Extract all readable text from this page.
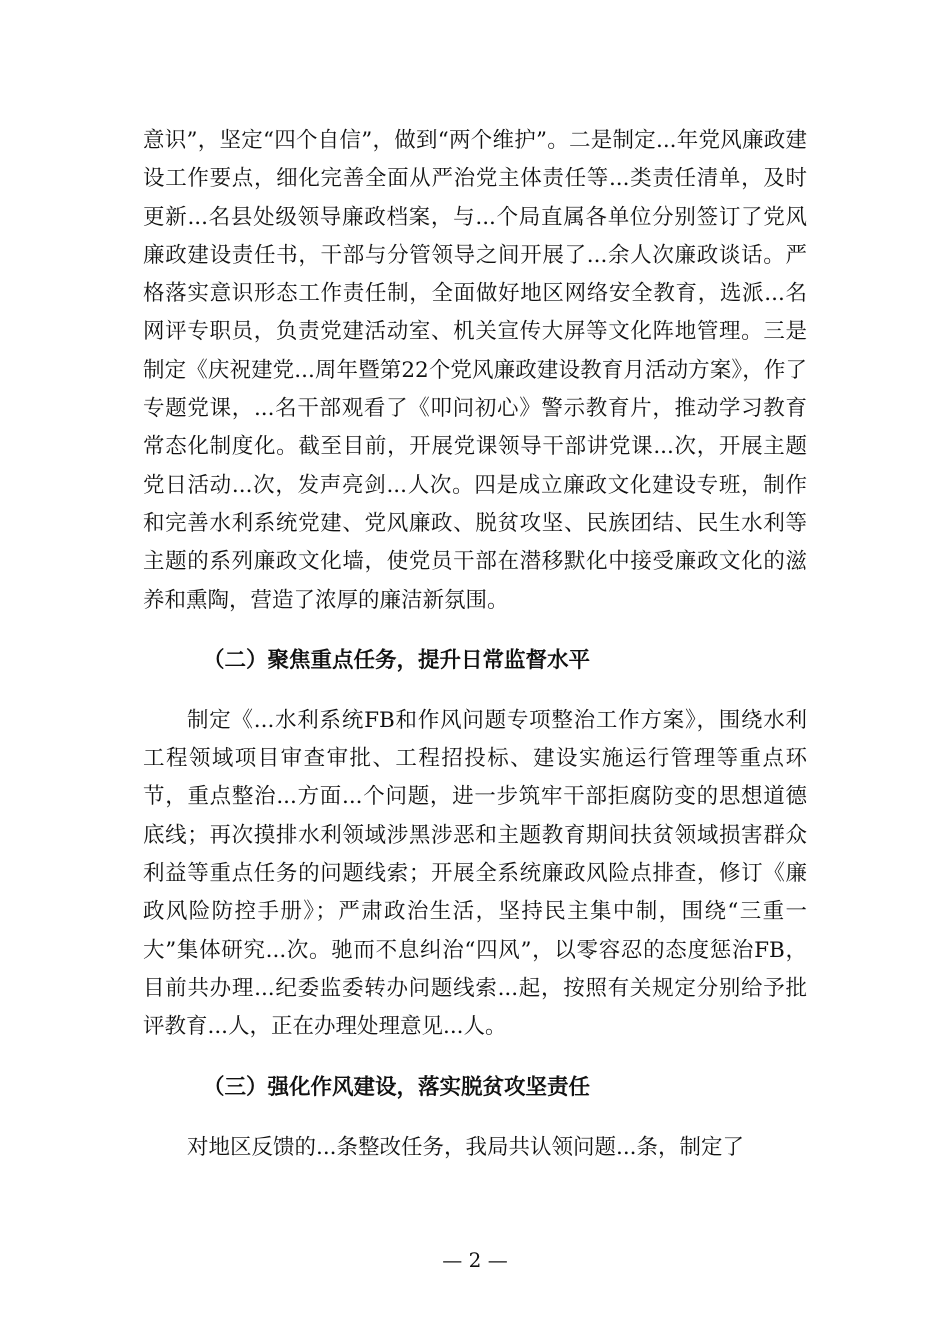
意识”，坚定“四个自信”，做到“两个维护”。二是制定...年党风廉政建设工作要点，细化完善全面从严治党主体责任等...类责任清单，及时更新...名县处级领导廉政档案，与...个局直属各单位分别签订了党风廉政建设责任书，干部与分管领导之间开展了...余人次廉政谈话。严格落实意识形态工作责任制，全面做好地区网络安全教育，选派...名网评专职员，负责党建活动室、机关宣传大屏等文化阵地管理。三是制定《庆祝建党...周年暨第22个党风廉政建设教育月活动方案》，作了专题党课，...名干部观看了《叩问初心》警示教育片，推动学习教育常态化制度化。截至目前，开展党课领导干部讲党课...次，开展主题党日活动...次，发声亮剑...人次。四是成立廉政文化建设专班，制作和完善水利系统党建、党风廉政、脱贫攻坚、民族团结、民生水利等主题的系列廉政文化墙，使党员干部在潜移默化中接受廉政文化的滋养和熏陶，营造了浓厚的廉洁新氛围。

（二）聚焦重点任务，提升日常监督水平

制定《...水利系统FB和作风问题专项整治工作方案》，围绕水利工程领域项目审查审批、工程招投标、建设实施运行管理等重点环节，重点整治...方面...个问题，进一步筑牢干部拒腐防变的思想道德底线；再次摸排水利领域涉黑涉恶和主题教育期间扶贫领域损害群众利益等重点任务的问题线索；开展全系统廉政风险点排查，修订《廉政风险防控手册》；严肃政治生活，坚持民主集中制，围绕“三重一大”集体研究...次。驰而不息纠治“四风”，以零容忍的态度惩治FB，目前共办理...纪委监委转办问题线索...起，按照有关规定分别给予批评教育...人，正在办理处理意见...人。

（三）强化作风建设，落实脱贫攻坚责任

对地区反馈的...条整改任务，我局共认领问题...条，制定了

— 2 —
